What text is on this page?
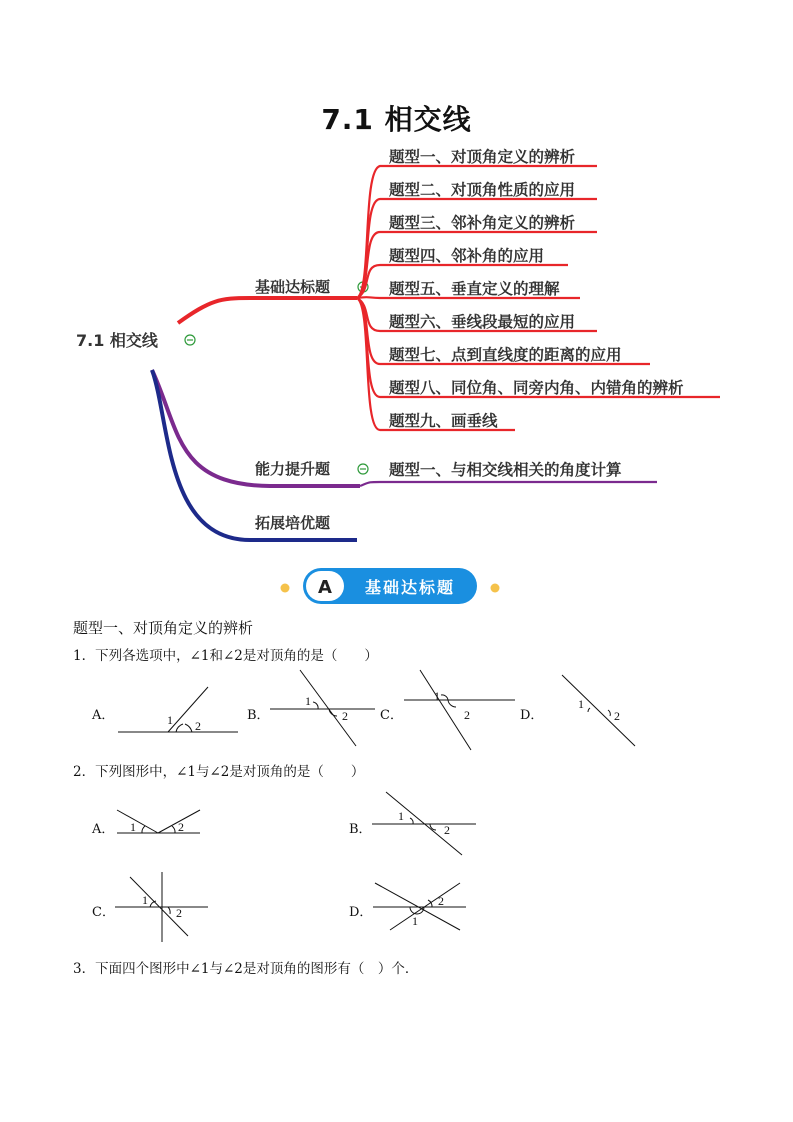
7.1 相交线
7.1 相交线
基础达标题
能力提升题
拓展培优题
题型一、对顶角定义的辨析
题型二、对顶角性质的应用
题型三、邻补角定义的辨析
题型四、邻补角的应用
题型五、垂直定义的理解
题型六、垂线段最短的应用
题型七、点到直线度的距离的应用
题型八、同位角、同旁内角、内错角的辨析
题型九、画垂线
题型一、与相交线相关的角度计算
A 基础达标题
题型一、对顶角定义的辨析
1．下列各选项中，∠1和∠2是对顶角的是（　　）
A．	B．	C．	D．
1 2
1
2
1
2
1
2
2．下列图形中，∠1与∠2是对顶角的是（　　）
A．	B．
C．	D．
1	2
1
2
1
2
1
2
3．下面四个图形中∠1与∠2是对顶角的图形有（　）个．
